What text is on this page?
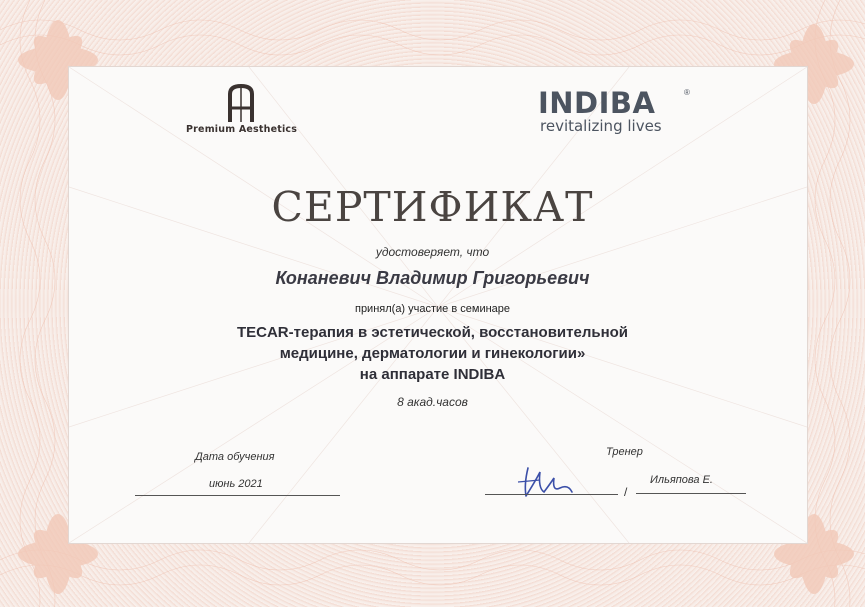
Premium Aesthetics
INDIBA	®
revitalizing lives
СЕРТИФИКАТ
удостоверяет, что
Конаневич Владимир Григорьевич
принял(а) участие в семинаре
TECAR-терапия в эстетической, восстановительной
медицине, дерматологии и гинекологии»
на аппарате INDIBA
8 акад.часов
Дата обучения
июнь 2021
Тренер
/
Ильяпова Е.
